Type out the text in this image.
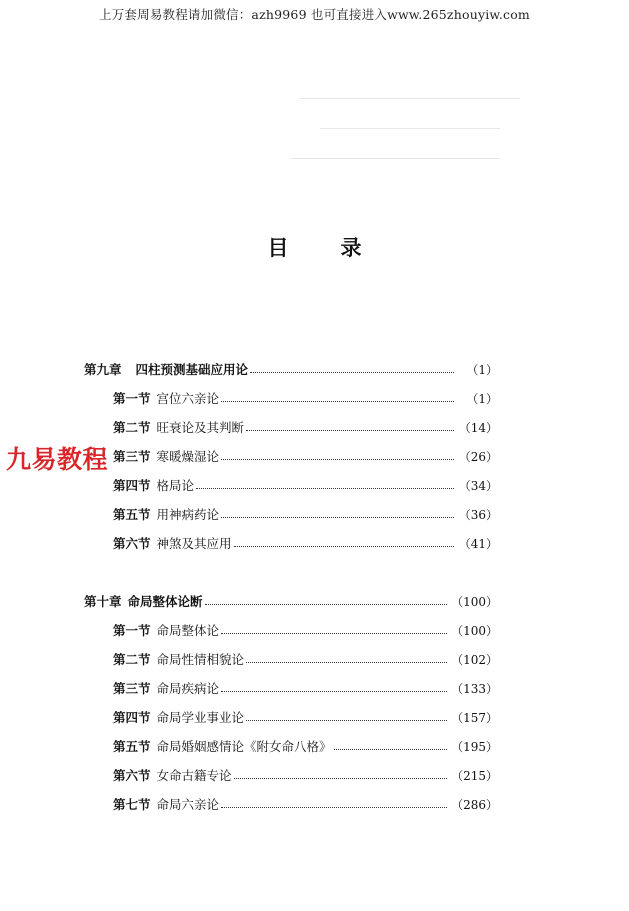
上万套周易教程请加微信：azh9969 也可直接进入www.265zhouyiw.com
目 录
第九章 四柱预测基础应用论	（1）
第一节 宫位六亲论	（1）
第二节 旺衰论及其判断	（14）
第三节 寒暖燥湿论	（26）
第四节 格局论	（34）
第五节 用神病药论	（36）
第六节 神煞及其应用	（41）
第十章 命局整体论断	（100）
第一节 命局整体论	（100）
第二节 命局性情相貌论	（102）
第三节 命局疾病论	（133）
第四节 命局学业事业论	（157）
第五节 命局婚姻感情论《附女命八格》	（195）
第六节 女命古籍专论	（215）
第七节 命局六亲论	（286）
九易教程
